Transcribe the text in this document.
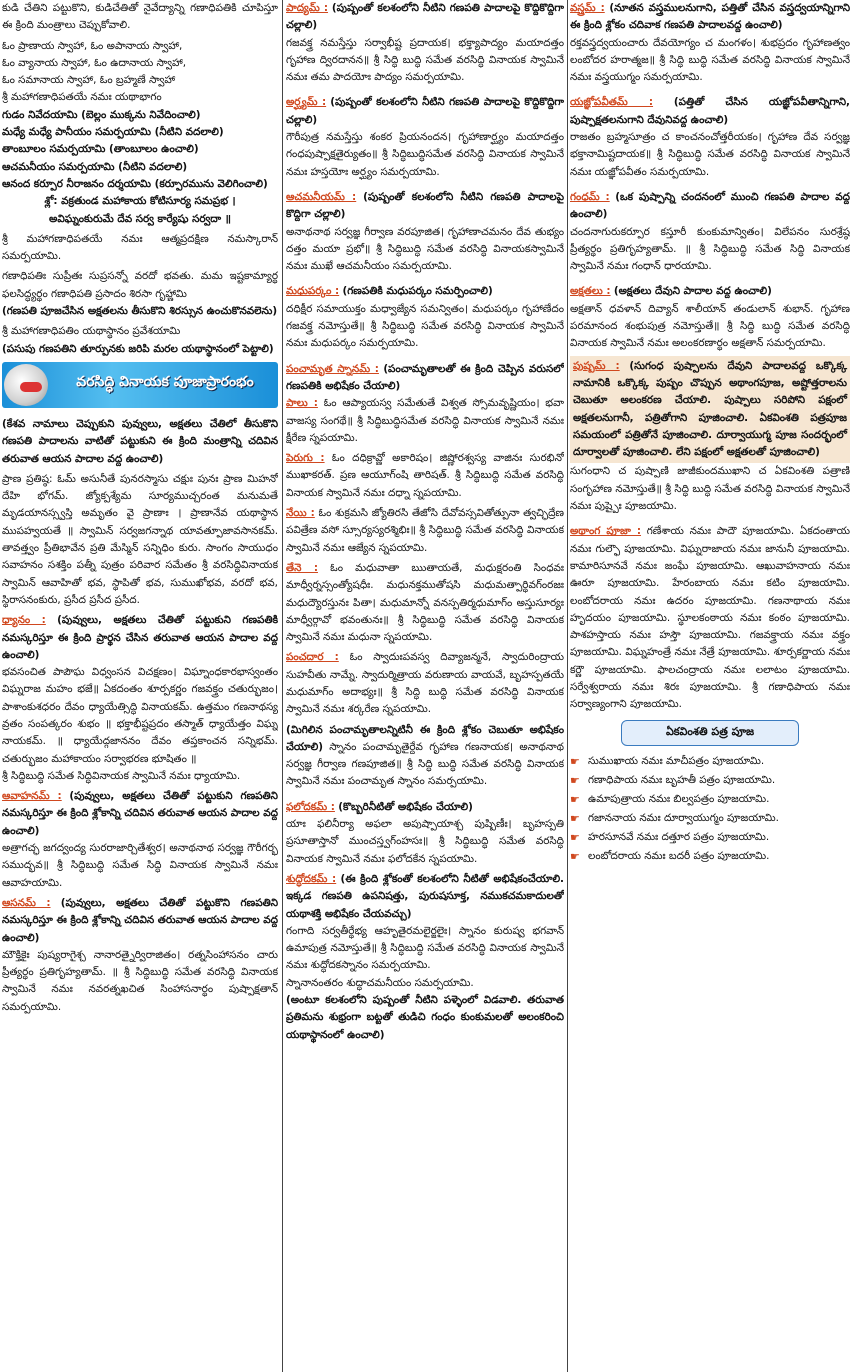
కుడి చేతిని పట్టుకొని, కుడిచేతితో నైవేద్యాన్ని గణాధిపతికి చూపిస్తూ ఈ క్రింది మంత్రాలు చెప్పుకోవాలి.

ఓం ప్రాణాయ స్వాహా, ఓం అపానాయ స్వాహా,

ఓం వ్యానాయ స్వాహా, ఓం ఉదానాయ స్వాహా,

ఓం సమానాయ స్వాహా, ఓం బ్రహ్మణే స్వాహా

శ్రీ మహాగణాధిపతయే నమః యథాభాగం

గుడం నివేదయామి (బెల్లం ముక్కను నివేదించాలి)

మధ్యే మధ్యే పానీయం సమర్పయామి (నీటిని వదలాలి)

తాంబూలం సమర్పయామి (తాంబూలం ఉంచాలి)

ఆచమనీయం సమర్పయామి (నీటిని వదలాలి)

ఆనంద కర్పూర నీరాజనం దర్శయామి (కర్పూరమును వెలిగించాలి)

శ్లో: వక్రతుండ మహాకాయ కోటిసూర్య సమప్రభ ।

అవిఘ్నంకురుమే దేవ సర్వ కార్యేషు సర్వదా ॥

శ్రీ మహాగణాధిపతయే నమః ఆత్మప్రదక్షిణ నమస్కారాన్ సమర్పయామి.

గణాధిపతిః సుప్రీతః సుప్రసన్నో వరదో భవతు. మమ ఇష్టకామ్యార్థ ఫలసిద్ధ్యర్థం గణాధిపతి ప్రసాదం శిరసా గృహ్ణామి

(గణపతి పూజచేసిన అక్షతలను తీసుకొని శిరస్సున ఉంచుకొనవలెను)

శ్రీ మహాగణాధిపతిం యథాస్థానం ప్రవేశయామి

(పసుపు గణపతిని తూర్పునకు జరిపి మరల యథాస్థానంలో పెట్టాలి)

వరసిద్ధి వినాయక పూజాప్రారంభం

(కేశవ నామాలు చెప్పుకుని పువ్వులు, అక్షతలు చేతిలో తీసుకొని గణపతి పాదాలను వాటితో పట్టుకుని ఈ క్రింది మంత్రాన్ని చదివిన తరువాత ఆయన పాదాల వద్ద ఉంచాలి)

ప్రాణ ప్రతిష్ఠ: ఓమ్ అసునీతే పునరస్మాసు చక్షుః పునః ప్రాణ మిహనో దేహి భోగమ్. జ్యోక్పశ్యేమ సూర్యముచ్చరంత మనుమతే మృడయానస్స్వస్తి అమృతం వై ప్రాణాః । ప్రాణానేవ యథాస్థాన ముపహ్వయతే ॥ స్వామిన్ సర్వజగన్నాథ యావత్పూజావసానకమ్. తావత్త్వం ప్రీతిభావేన ప్రతి మేస్మిన్ సన్నిధిం కురు. సాంగం సాయుధం సవాహనం సశక్తిం పత్నీ పుత్రం పరివార సమేతం శ్రీ వరసిద్ధివినాయక స్వామిన్ ఆవాహితో భవ, స్థాపితో భవ, సుముఖోభవ, వరదో భవ, స్థిరాసనంకురు, ప్రసీద ప్రసీద ప్రసీద.

ధ్యానం : (పువ్వులు, అక్షతలు చేతితో పట్టుకుని గణపతికి నమస్కరిస్తూ ఈ క్రింది ప్రార్థన చేసిన తరువాత ఆయన పాదాల వద్ద ఉంచాలి)

భవసంచిత పాపౌఘ విధ్వంసన విచక్షణం। విఘ్నాంధకారభాస్వంతం విఘ్నరాజ మహం భజే॥ ఏకదంతం శూర్పకర్ణం గజవక్త్రం చతుర్భుజం। పాశాంకుశధరం దేవం ధ్యాయేత్సిద్ధి వినాయకమ్. ఉత్తమం గణనాథస్య వ్రతం సంపత్కరం శుభం ॥ భక్తాభీష్టప్రదం తస్మాత్ ధ్యాయేత్తం విఘ్న నాయకమ్. ॥ ధ్యాయేద్గజాననం దేవం తప్తకాంచన సన్నిభమ్. చతుర్భుజం మహాకాయం సర్వాభరణ భూషితం ॥

శ్రీ సిద్ధిబుద్ధి సమేత సిద్ధివినాయక స్వామినే నమః ధ్యాయామి.

ఆవాహనమ్ : (పువ్వులు, అక్షతలు చేతితో పట్టుకుని గణపతిని నమస్కరిస్తూ ఈ క్రింది శ్లోకాన్ని చదివిన తరువాత ఆయన పాదాల వద్ద ఉంచాలి)

అత్రాగచ్ఛ జగద్వంద్య సురరాజార్చితేశ్వర। అనాథనాథ సర్వజ్ఞ గౌరీగర్భ సముద్భవ॥ శ్రీ సిద్ధిబుద్ధి సమేత సిద్ధి వినాయక స్వామినే నమః ఆవాహయామి.

ఆసనమ్ : (పువ్వులు, అక్షతలు చేతితో పట్టుకొని గణపతిని నమస్కరిస్తూ ఈ క్రింది శ్లోకాన్ని చదివిన తరువాత ఆయన పాదాల వద్ద ఉంచాలి)

మౌక్తికైః పుష్యరాగైశ్చ నానారత్నైర్విరాజితం। రత్నసింహాసనం చారు ప్రీత్యర్థం ప్రతిగృహ్యతామ్. ॥ శ్రీ సిద్ధిబుద్ధి సమేత వరసిద్ధి వినాయక స్వామినే నమః నవరత్నఖచిత సింహాసనార్థం పుష్పాక్షతాన్ సమర్పయామి.

పాద్యమ్ : (పుష్పంతో కలశంలోని నీటిని గణపతి పాదాలపై కొద్దికొద్దిగా చల్లాలి)

గజవక్త్ర నమస్తేస్తు సర్వాభీష్ట ప్రదాయక। భక్త్యాపాద్యం మయాదత్తం గృహాణ ద్విరదానన॥ శ్రీ సిద్ధి బుద్ధి సమేత వరసిద్ధి వినాయక స్వామినే నమః తమ పాదయోః పాద్యం సమర్పయామి.

అర్ఘ్యమ్ : (పుష్పంతో కలశంలోని నీటిని గణపతి పాదాలపై కొద్దికొద్దిగా చల్లాలి)

గౌరీపుత్ర నమస్తేస్తు శంకర ప్రియనందన। గృహాణార్ఘ్యం మయాదత్తం గంధపుష్పాక్షతైర్యుతం॥ శ్రీ సిద్ధిబుద్ధిసమేత వరసిద్ధి వినాయక స్వామినే నమః హస్తయోః అర్ఘ్యం సమర్పయామి.

ఆచమనీయమ్ : (పుష్పంతో కలశంలోని నీటిని గణపతి పాదాలపై కొద్దిగా చల్లాలి)

అనాథనాథ సర్వజ్ఞ గీర్వాణ వరపూజిత। గృహాణాచమనం దేవ తుభ్యం దత్తం మయా ప్రభో॥ శ్రీ సిద్ధిబుద్ధి సమేత వరసిద్ధి వినాయకస్వామినే నమః ముఖే ఆచమనీయం సమర్పయామి.

మధుపర్కం : (గణపతికి మధుపర్కం సమర్పించాలి)

దధిక్షీర సమాయుక్తం మధ్వాజ్యేన సమన్వితం। మధుపర్కం గృహాణేదం గజవక్త్ర నమోస్తుతే॥ శ్రీ సిద్ధిబుద్ధి సమేత వరసిద్ధి వినాయక స్వామినే నమః మధుపర్కం సమర్పయామి.

పంచామృత స్నానమ్ : (పంచామృతాలతో ఈ క్రింది చెప్పిన వరుసలో గణపతికి అభిషేకం చేయాలి)

పాలు : ఓం ఆప్యాయస్వ సమేతుతే విశ్వత స్సోమవృష్ణియం। భవా వాజస్య సంగథే॥ శ్రీ సిద్ధిబుద్ధిసమేత వరసిద్ధి వినాయక స్వామినే నమః క్షీరేణ స్నపయామి.

పెరుగు : ఓం దధిక్రావ్ణో అకారిషం। జిష్ణోరశ్వస్య వాజినః సురభినో ముఖాకరత్. ప్రణ ఆయూగ్ంషి తారిషత్. శ్రీ సిద్ధిబుద్ధి సమేత వరసిద్ధి వినాయక స్వామినే నమః దధ్నా స్నపయామి.

నేయి : ఓం శుక్రమసి జ్యోతిరసి తేజోసి దేవోవస్సవితోత్పునా త్వచ్ఛిద్రేణ పవిత్రేణ వసో స్సూర్యస్యరశ్మిభిః॥ శ్రీ సిద్ధిబుద్ధి సమేత వరసిద్ధి వినాయక స్వామినే నమః ఆజ్యేన స్నపయామి.

తేనె : ఓం మధువాతా ఋతాయతే, మధుక్షరంతి సింధవః మాధ్వీర్నస్సంత్యోషధీః. మధునక్తముతోషసి మధుమత్పార్థివగ్ంరజః మధుద్యౌరస్తునః పితా। మధుమాన్నో వనస్పతిర్మధుమాగ్ం అస్తుసూర్యః మాధ్వీర్గావో భవంతునః॥ శ్రీ సిద్ధిబుద్ధి సమేత వరసిద్ధి వినాయక స్వామినే నమః మధునా స్నపయామి.

పంచదార : ఓం స్వాదుఃపవస్వ దివ్యాజన్మనే, స్వాదురింద్రాయ సుహవీతు నామ్నే. స్వాదుర్మిత్రాయ వరుణాయ వాయవే, బృహస్పతయే మధుమాగ్ం అదాభ్యః॥ శ్రీ సిద్ధి బుద్ధి సమేత వరసిద్ధి వినాయక స్వామినే నమః శర్కరేణ స్నపయామి.

(మిగిలిన పంచామృతాలన్నిటినీ ఈ క్రింది శ్లోకం చెబుతూ అభిషేకం చేయాలి) స్నానం పంచామృతైర్దేవ గృహాణ గణనాయక। అనాథనాథ సర్వజ్ఞ గీర్వాణ గణపూజిత॥ శ్రీ సిద్ధి బుద్ధి సమేత వరసిద్ధి వినాయక స్వామినే నమః పంచామృత స్నానం సమర్పయామి.

ఫలోదకమ్ : (కొబ్బరినీటితో అభిషేకం చేయాలి)

యాః ఫలినీర్యా అఫలా అపుష్పాయాశ్చ పుష్పిణీః। బృహస్పతి ప్రసూతాస్తానో ముంచస్త్వగ్ంహసః॥ శ్రీ సిద్ధిబుద్ధి సమేత వరసిద్ధి వినాయక స్వామినే నమః ఫలోదకేన స్నపయామి.

శుద్ధోదకమ్ : (ఈ క్రింది శ్లోకంతో కలశంలోని నీటితో అభిషేకంచేయాలి. ఇక్కడ గణపతి ఉపనిషత్తు, పురుషసూక్త, నముకచమకాదులతో యథాశక్తి అభిషేకం చేయవచ్చు)

గంగాది సర్వతీర్థేభ్య ఆహృతైరమలైర్జలైః। స్నానం కురుష్వ భగవాన్ ఉమాపుత్ర నమోస్తుతే॥ శ్రీ సిద్ధిబుద్ధి సమేత వరసిద్ధి వినాయక స్వామినే నమః శుద్ధోదకస్నానం సమర్పయామి.

స్నానానంతరం శుద్ధాచమనీయం సమర్పయామి.

(అంటూ కలశంలోని పుష్పంతో నీటిని పళ్ళెంలో విడవాలి. తరువాత ప్రతిమను శుభ్రంగా బట్టతో తుడిచి గంధం కుంకుమలతో అలంకరించి యథాస్థానంలో ఉంచాలి)

వస్త్రమ్ : (నూతన వస్త్రములనుగాని, పత్తితో చేసిన వస్త్రద్వయాన్నిగాని ఈ క్రింది శ్లోకం చదివాక గణపతి పాదాలవద్ద ఉంచాలి)

రక్తవస్త్రద్వయంచారు దేవయోగ్యం చ మంగళం। శుభప్రదం గృహాణత్వం లంబోదర హరాత్మజ॥ శ్రీ సిద్ధి బుద్ధి సమేత వరసిద్ధి వినాయక స్వామినే నమః వస్త్రయుగ్మం సమర్పయామి.

యజ్ఞోపవీతమ్ : (పత్తితో చేసిన యజ్ఞోపవీతాన్నిగాని, పుష్పాక్షతలనుగాని దేవునివద్ద ఉంచాలి)

రాజతం బ్రహ్మసూత్రం చ కాంచనంచోత్తరీయకం। గృహాణ దేవ సర్వజ్ఞ భక్తానామిష్టదాయక॥ శ్రీ సిద్ధిబుద్ధి సమేత వరసిద్ధి వినాయక స్వామినే నమః యజ్ఞోపవీతం సమర్పయామి.

గంధమ్ : (ఒక పుష్పాన్ని చందనంలో ముంచి గణపతి పాదాల వద్ద ఉంచాలి)

చందనాగురుకర్పూర కస్తూరీ కుంకుమాన్వితం। విలేపనం సురశ్రేష్ఠ ప్రీత్యర్థం ప్రతిగృహ్యతామ్. ॥ శ్రీ సిద్ధిబుద్ధి సమేత సిద్ధి వినాయక స్వామినే నమః గంధాన్ ధారయామి.

అక్షతలు : (అక్షతలు దేవుని పాదాల వద్ద ఉంచాలి)

అక్షతాన్ ధవళాన్ దివ్యాన్ శాలీయాన్ తండులాన్ శుభాన్. గృహాణ పరమానంద శంభుపుత్ర నమోస్తుతే॥ శ్రీ సిద్ధి బుద్ధి సమేత వరసిద్ధి వినాయక స్వామినే నమః అలంకరణార్థం అక్షతాన్ సమర్పయామి.

పుష్పమ్ : (సుగంధ పుష్పాలను దేవుని పాదాలవద్ద ఒక్కొక్క నామానికి ఒక్కొక్క పుష్పం చొప్పున అథాంగపూజ, అష్టోత్తరాలను చెబుతూ అలంకరణ చేయాలి. పుష్పాలు సరిపోని పక్షంలో అక్షతలనుగానీ, పత్రితోగాని పూజించాలి. ఏకవింశతి పత్రపూజ సమయంలో పత్రితోనే పూజించాలి. దూర్వాయుగ్మ పూజ సందర్భంలో దూర్వాలతో పూజించాలి. లేని పక్షంలో అక్షతలతో పూజించాలి)

సుగంధాని చ పుష్పాణి జాజీకుందముఖాని చ ఏకవింశతి పత్రాణి సంగృహాణ నమోస్తుతే॥ శ్రీ సిద్ధి బుద్ధి సమేత వరసిద్ధి వినాయక స్వామినే నమః పుష్పైః పూజయామి.

అథాంగ పూజా : గణేశాయ నమః పాదౌ పూజయామి. ఏకదంతాయ నమః గుల్ఫౌ పూజయామి. విఘ్నరాజాయ నమః జానునీ పూజయామి. కామారిసూనవే నమః జంఘే పూజయామి. ఆఖువాహనాయ నమః ఊరూ పూజయామి. హేరంబాయ నమః కటిం పూజయామి. లంబోదరాయ నమః ఉదరం పూజయామి. గణనాథాయ నమః హృదయం పూజయామి. స్థూలకంఠాయ నమః కంఠం పూజయామి. పాశహస్తాయ నమః హస్తౌ పూజయామి. గజవక్త్రాయ నమః వక్త్రం పూజయామి. విఘ్నహంత్రే నమః నేత్రే పూజయామి. శూర్పకర్ణాయ నమః కర్ణౌ పూజయామి. ఫాలచంద్రాయ నమః లలాటం పూజయామి. సర్వేశ్వరాయ నమః శిరః పూజయామి. శ్రీ గణాధిపాయ నమః సర్వాణ్యంగాని పూజయామి.

ఏకవింశతి పత్ర పూజ
☛ సుముఖాయ నమః మాచీపత్రం పూజయామి.
☛ గణాధిపాయ నమః బృహతీ పత్రం పూజయామి.
☛ ఉమాపుత్రాయ నమః బిల్వపత్రం పూజయామి.
☛ గజాననాయ నమః దూర్వాయుగ్మం పూజయామి.
☛ హరసూనవే నమః దత్తూర పత్రం పూజయామి.
☛ లంబోదరాయ నమః బదరీ పత్రం పూజయామి.
